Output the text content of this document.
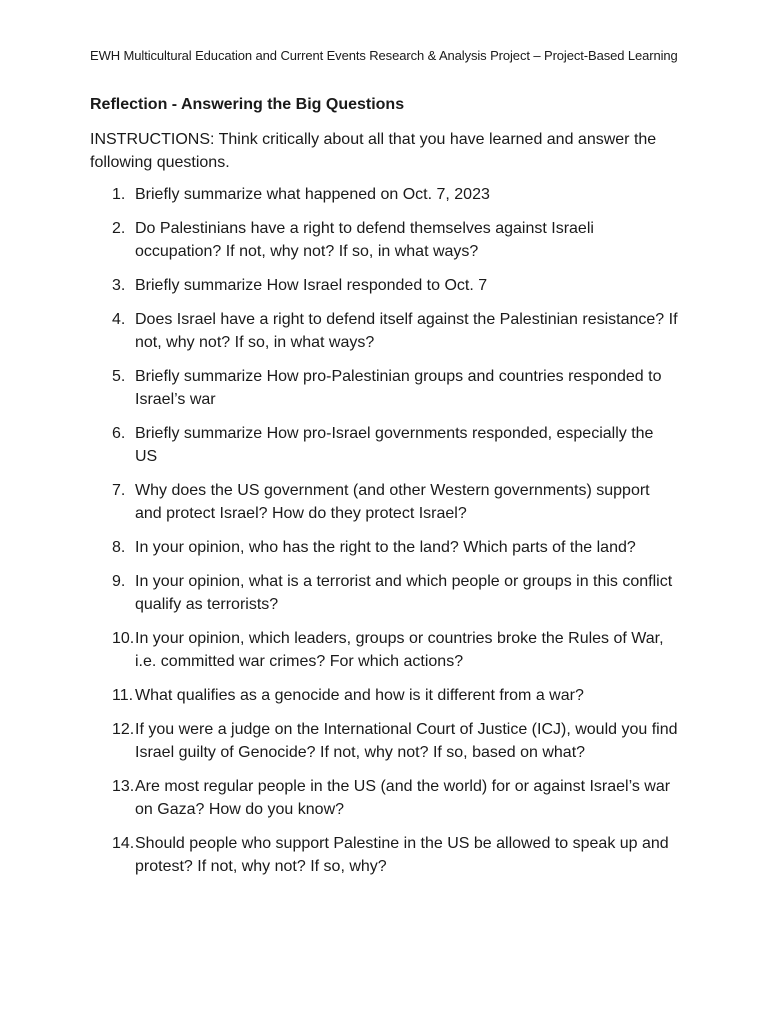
EWH Multicultural Education and Current Events Research & Analysis Project – Project-Based Learning
Reflection - Answering the Big Questions
INSTRUCTIONS: Think critically about all that you have learned and answer the following questions.
1. Briefly summarize what happened on Oct. 7, 2023
2. Do Palestinians have a right to defend themselves against Israeli occupation? If not, why not? If so, in what ways?
3. Briefly summarize How Israel responded to Oct. 7
4. Does Israel have a right to defend itself against the Palestinian resistance? If not, why not? If so, in what ways?
5. Briefly summarize How pro-Palestinian groups and countries responded to Israel’s war
6. Briefly summarize How pro-Israel governments responded, especially the US
7. Why does the US government (and other Western governments) support and protect Israel? How do they protect Israel?
8. In your opinion, who has the right to the land? Which parts of the land?
9. In your opinion, what is a terrorist and which people or groups in this conflict qualify as terrorists?
10. In your opinion, which leaders, groups or countries broke the Rules of War, i.e. committed war crimes? For which actions?
11. What qualifies as a genocide and how is it different from a war?
12. If you were a judge on the International Court of Justice (ICJ), would you find Israel guilty of Genocide? If not, why not? If so, based on what?
13. Are most regular people in the US (and the world) for or against Israel’s war on Gaza? How do you know?
14. Should people who support Palestine in the US be allowed to speak up and protest? If not, why not? If so, why?
